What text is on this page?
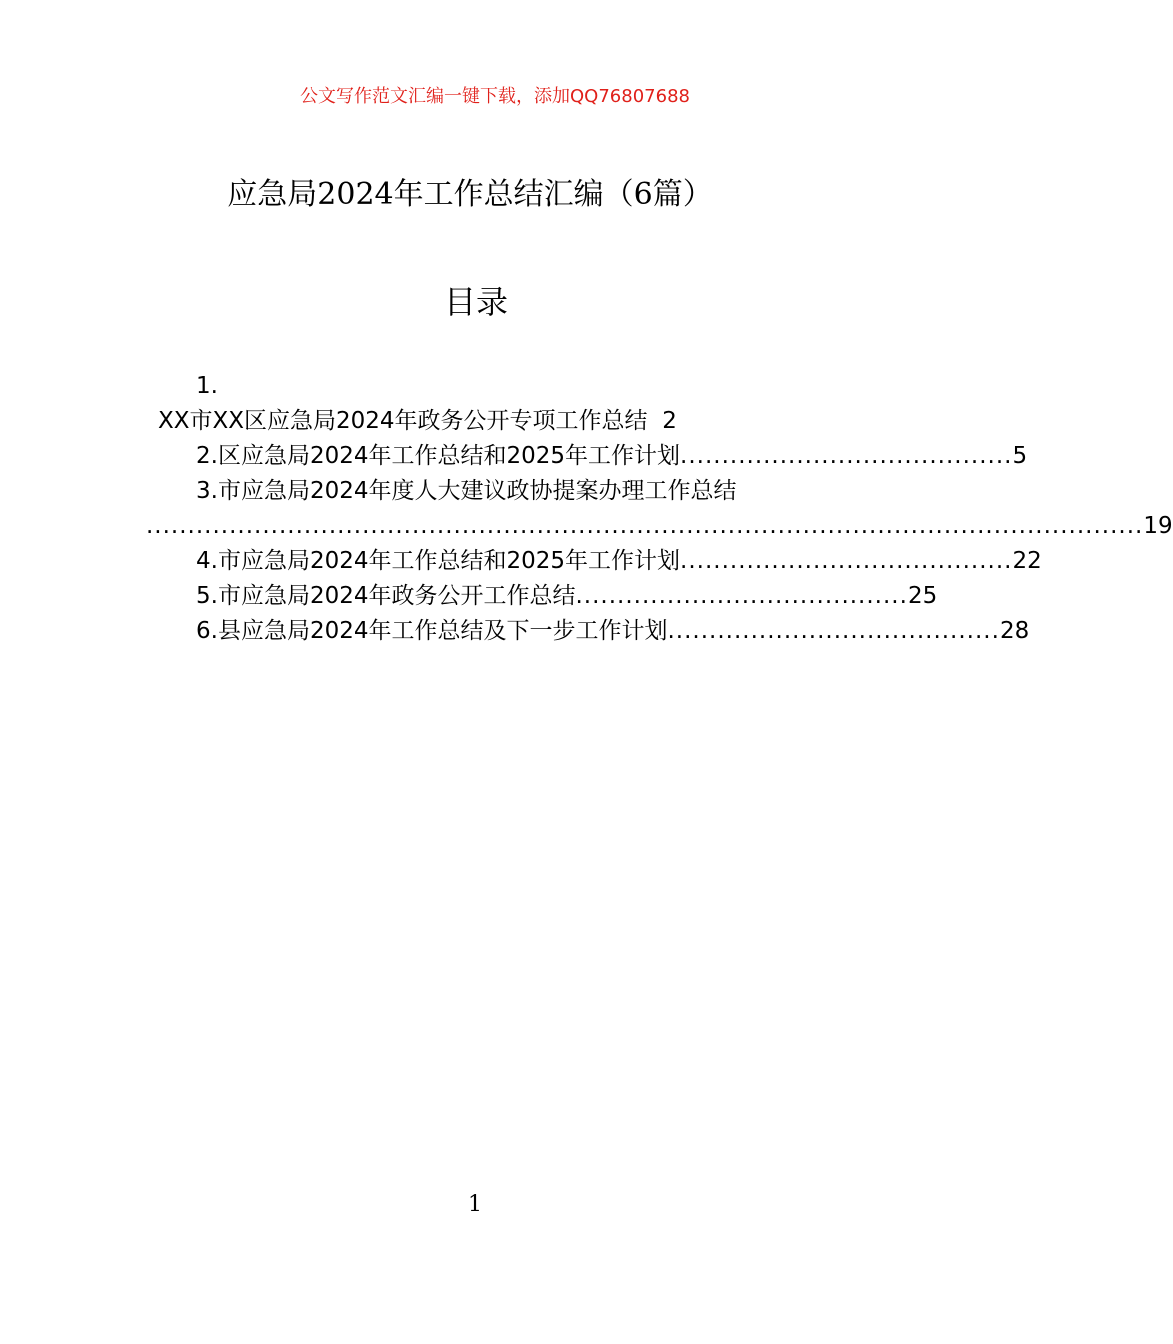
公文写作范文汇编一键下载，添加QQ76807688
应急局2024年工作总结汇编（6篇）
目录
1.
XX市XX区应急局2024年政务公开专项工作总结 2
2.区应急局2024年工作总结和2025年工作计划 ........................................ 5
3.市应急局2024年度人大建议政协提案办理工作总结
........................................................................................................................ 19
4.市应急局2024年工作总结和2025年工作计划 ........................................ 22
5.市应急局2024年政务公开工作总结 ........................................ 25
6.县应急局2024年工作总结及下一步工作计划 ........................................ 28
1
